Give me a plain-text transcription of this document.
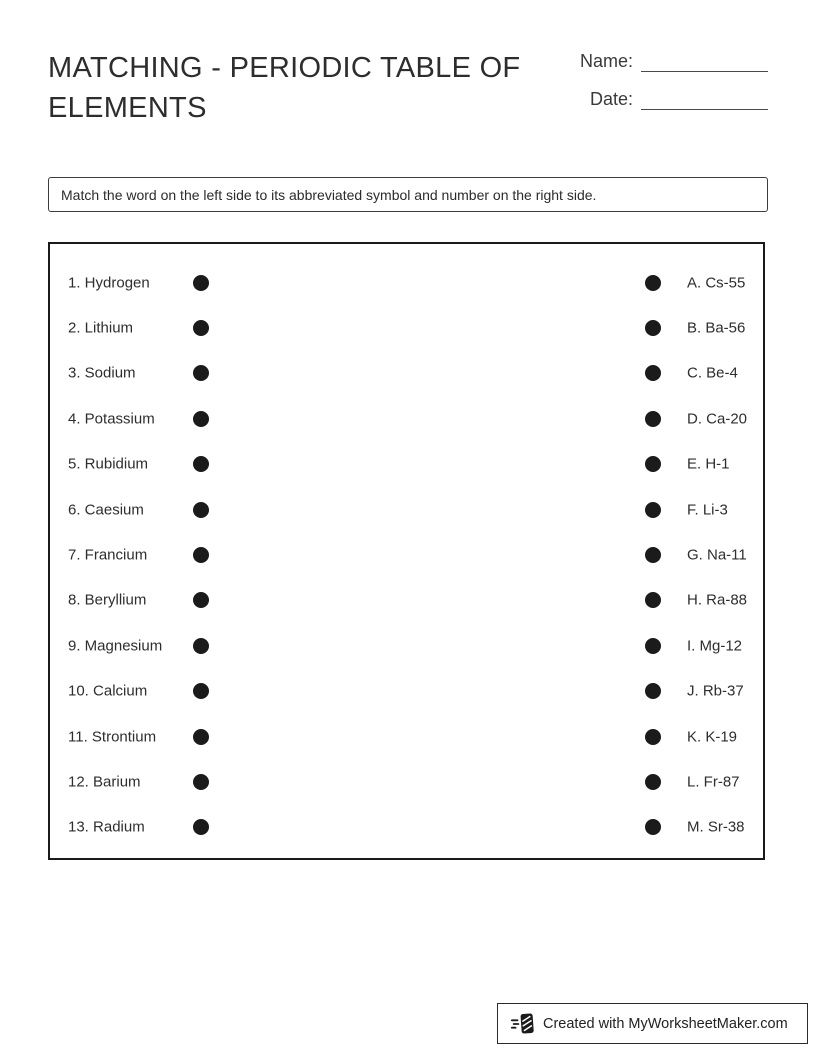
MATCHING - PERIODIC TABLE OF ELEMENTS
Name:
Date:
Match the word on the left side to its abbreviated symbol and number on the right side.
1. Hydrogen	A. Cs-55
2. Lithium	B. Ba-56
3. Sodium	C. Be-4
4. Potassium	D. Ca-20
5. Rubidium	E. H-1
6. Caesium	F. Li-3
7. Francium	G. Na-11
8. Beryllium	H. Ra-88
9. Magnesium	I. Mg-12
10. Calcium	J. Rb-37
11. Strontium	K. K-19
12. Barium	L. Fr-87
13. Radium	M. Sr-38
Created with MyWorksheetMaker.com
